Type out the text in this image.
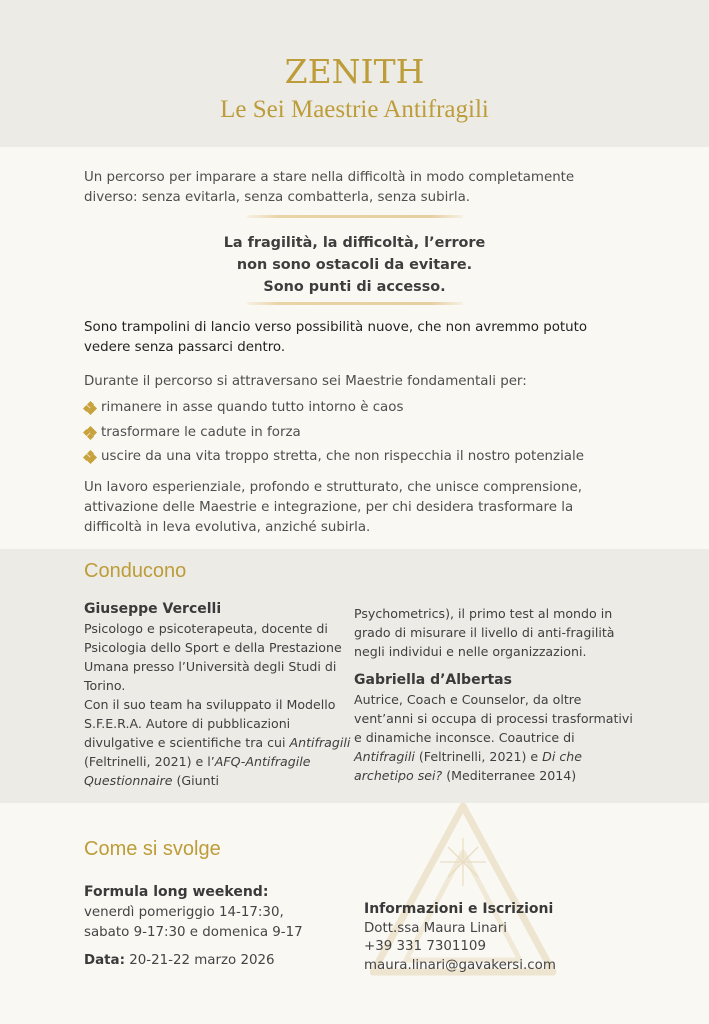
ZENITH
Le Sei Maestrie Antifragili

Un percorso per imparare a stare nella difficoltà in modo completamente diverso: senza evitarla, senza combatterla, senza subirla.

La fragilità, la difficoltà, l’errore
non sono ostacoli da evitare.
Sono punti di accesso.

Sono trampolini di lancio verso possibilità nuove, che non avremmo potuto vedere senza passarci dentro.

Durante il percorso si attraversano sei Maestrie fondamentali per:

rimanere in asse quando tutto intorno è caos
trasformare le cadute in forza
uscire da una vita troppo stretta, che non rispecchia il nostro potenziale

Un lavoro esperienziale, profondo e strutturato, che unisce comprensione, attivazione delle Maestrie e integrazione, per chi desidera trasformare la difficoltà in leva evolutiva, anziché subirla.

Conducono
Giuseppe Vercelli
Psicologo e psicoterapeuta, docente di Psicologia dello Sport e della Prestazione Umana presso l’Università degli Studi di Torino.
Con il suo team ha sviluppato il Modello S.F.E.R.A. Autore di pubblicazioni divulgative e scientifiche tra cui Antifragili (Feltrinelli, 2021) e l’AFQ-Antifragile Questionnaire (Giunti
Psychometrics), il primo test al mondo in grado di misurare il livello di anti-fragilità negli individui e nelle organizzazioni.
Gabriella d’Albertas
Autrice, Coach e Counselor, da oltre vent’anni si occupa di processi trasformativi e dinamiche inconsce. Coautrice di Antifragili (Feltrinelli, 2021) e Di che archetipo sei? (Mediterranee 2014)
Come si svolge
Formula long weekend:
venerdì pomeriggio 14-17:30,
sabato 9-17:30 e domenica 9-17
Data: 20-21-22 marzo 2026
Informazioni e Iscrizioni
Dott.ssa Maura Linari
+39 331 7301109
maura.linari@gavakersi.com
